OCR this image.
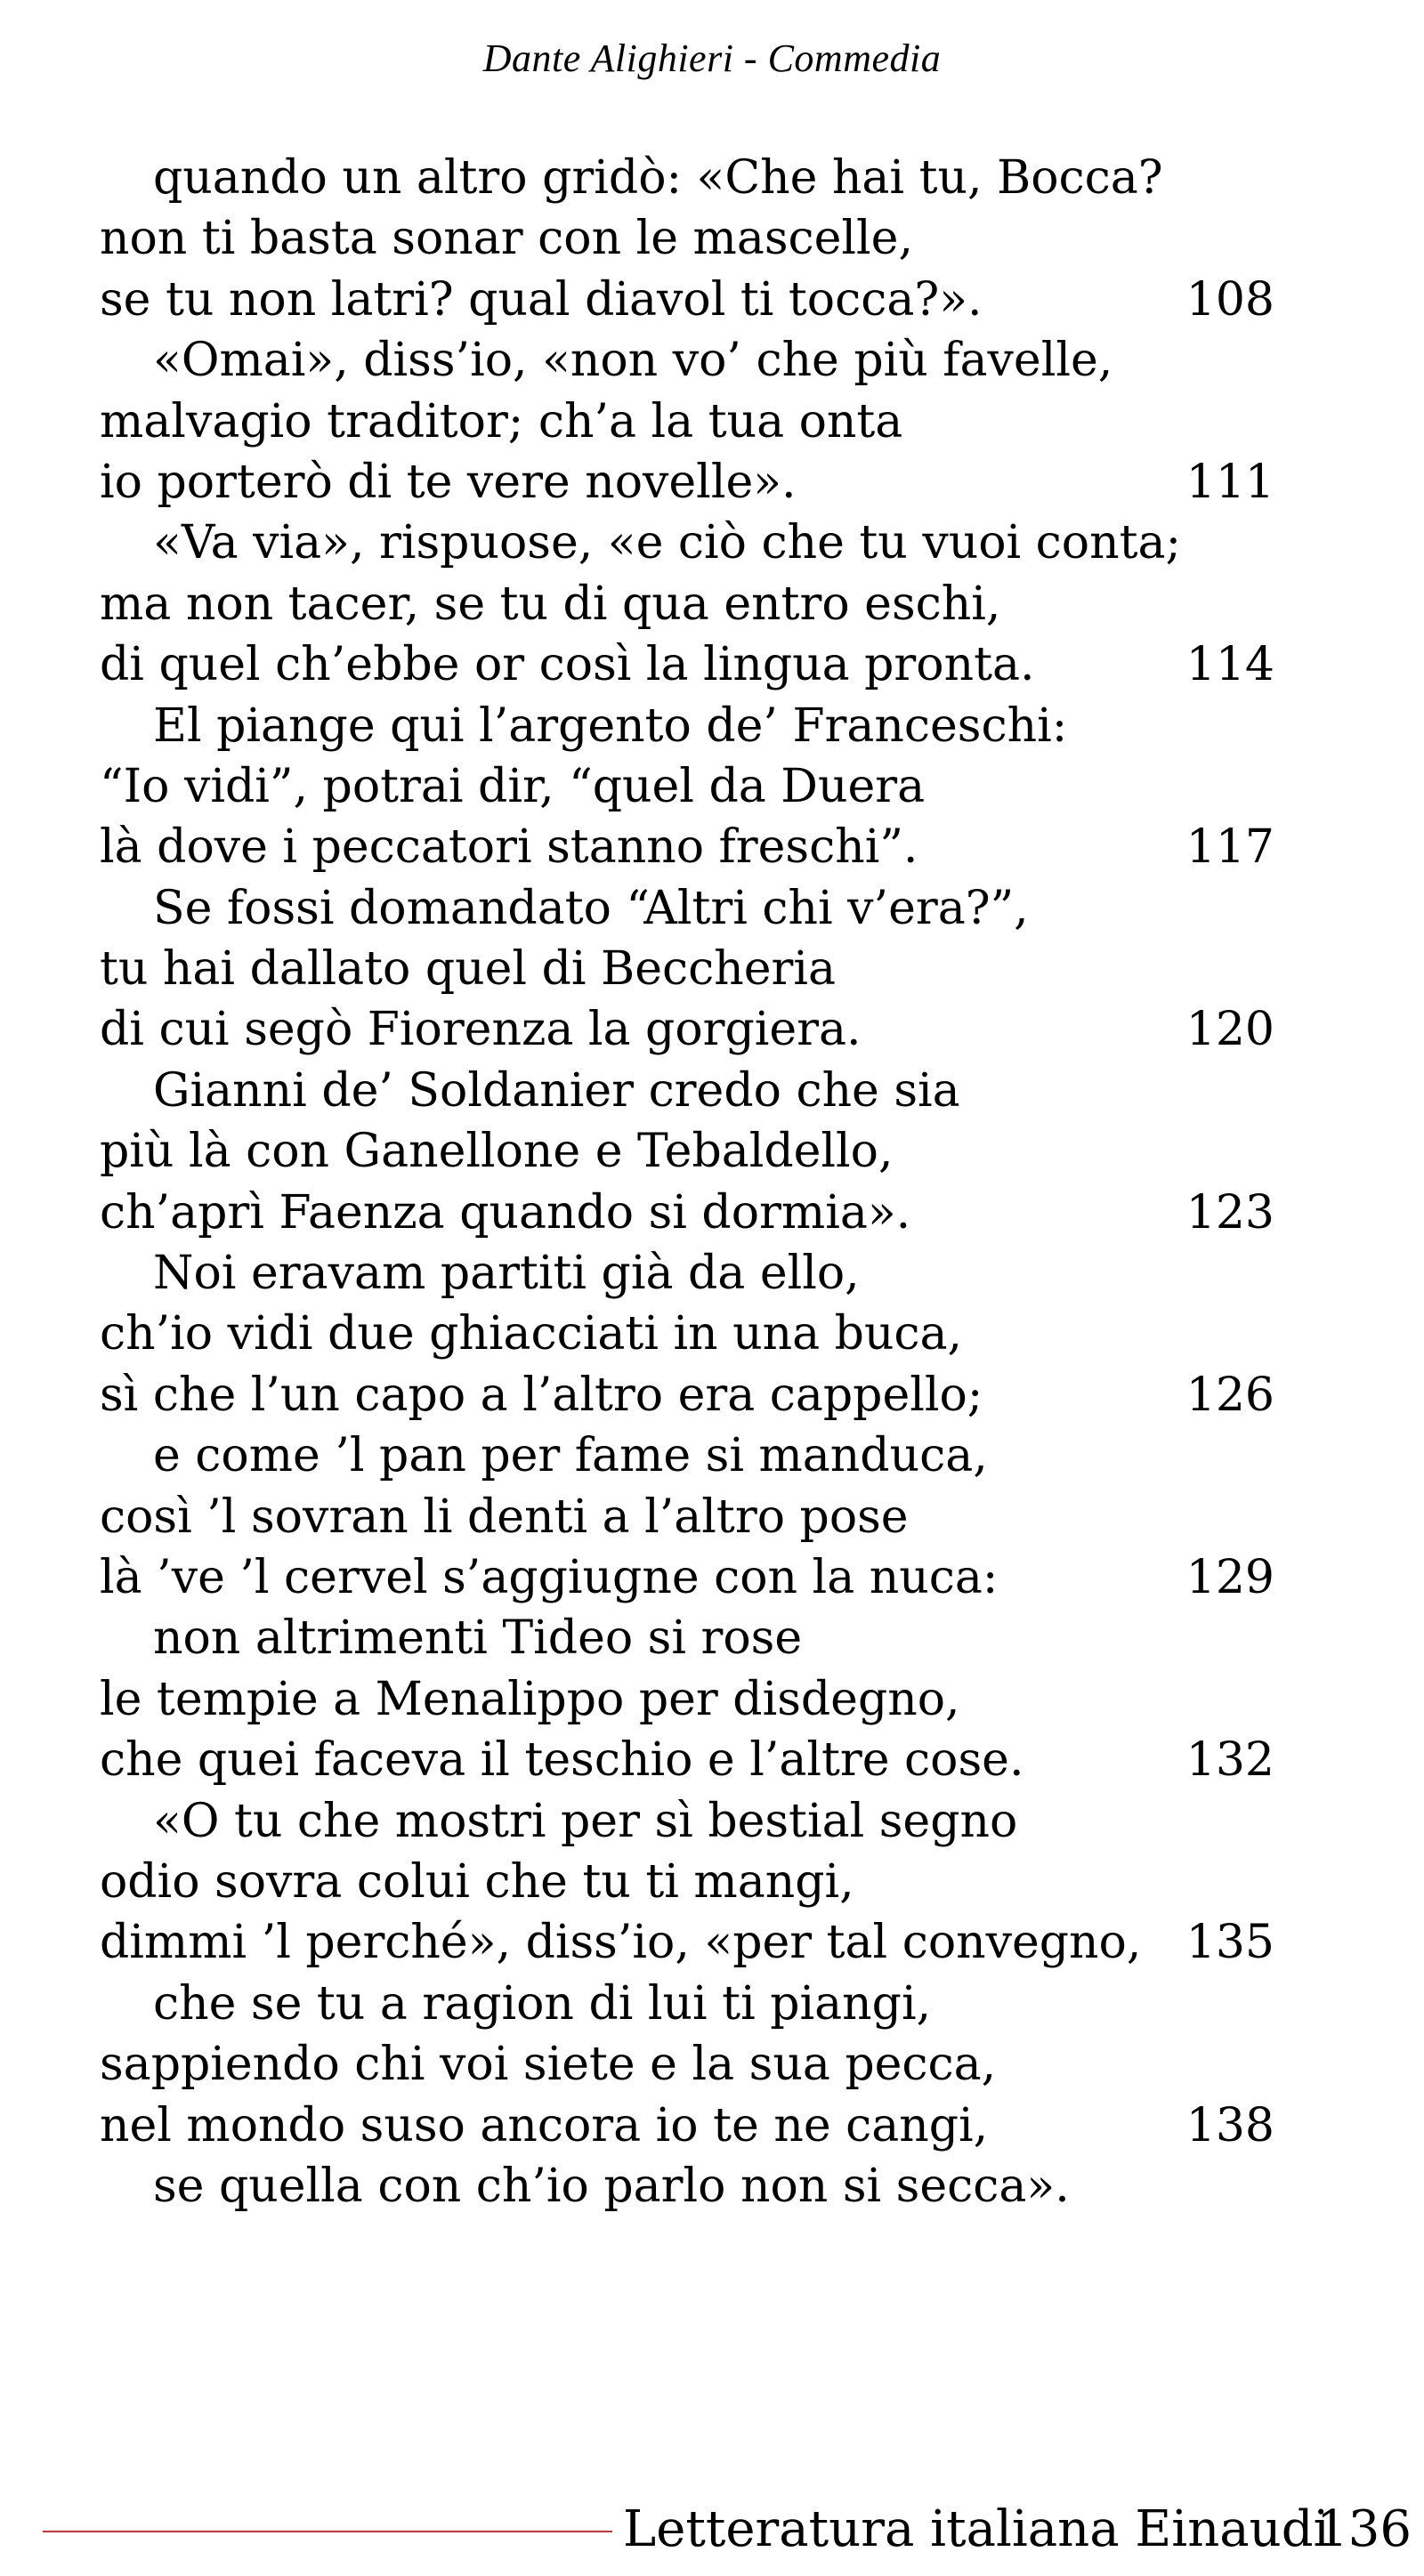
Dante Alighieri - Commedia
quando un altro gridò: «Che hai tu, Bocca?
non ti basta sonar con le mascelle,
se tu non latri? qual diavol ti tocca?».	108
«Omai», diss’io, «non vo’ che più favelle,
malvagio traditor; ch’a la tua onta
io porterò di te vere novelle».	111
«Va via», rispuose, «e ciò che tu vuoi conta;
ma non tacer, se tu di qua entro eschi,
di quel ch’ebbe or così la lingua pronta.	114
El piange qui l’argento de’ Franceschi:
“Io vidi”, potrai dir, “quel da Duera
là dove i peccatori stanno freschi”.	117
Se fossi domandato “Altri chi v’era?”,
tu hai dallato quel di Beccheria
di cui segò Fiorenza la gorgiera.	120
Gianni de’ Soldanier credo che sia
più là con Ganellone e Tebaldello,
ch’aprì Faenza quando si dormia».	123
Noi eravam partiti già da ello,
ch’io vidi due ghiacciati in una buca,
sì che l’un capo a l’altro era cappello;	126
e come ’l pan per fame si manduca,
così ’l sovran li denti a l’altro pose
là ’ve ’l cervel s’aggiugne con la nuca:	129
non altrimenti Tideo si rose
le tempie a Menalippo per disdegno,
che quei faceva il teschio e l’altre cose.	132
«O tu che mostri per sì bestial segno
odio sovra colui che tu ti mangi,
dimmi ’l perché», diss’io, «per tal convegno, 135
che se tu a ragion di lui ti piangi,
sappiendo chi voi siete e la sua pecca,
nel mondo suso ancora io te ne cangi,	138
se quella con ch’io parlo non si secca».
Letteratura italiana Einaudi
136
